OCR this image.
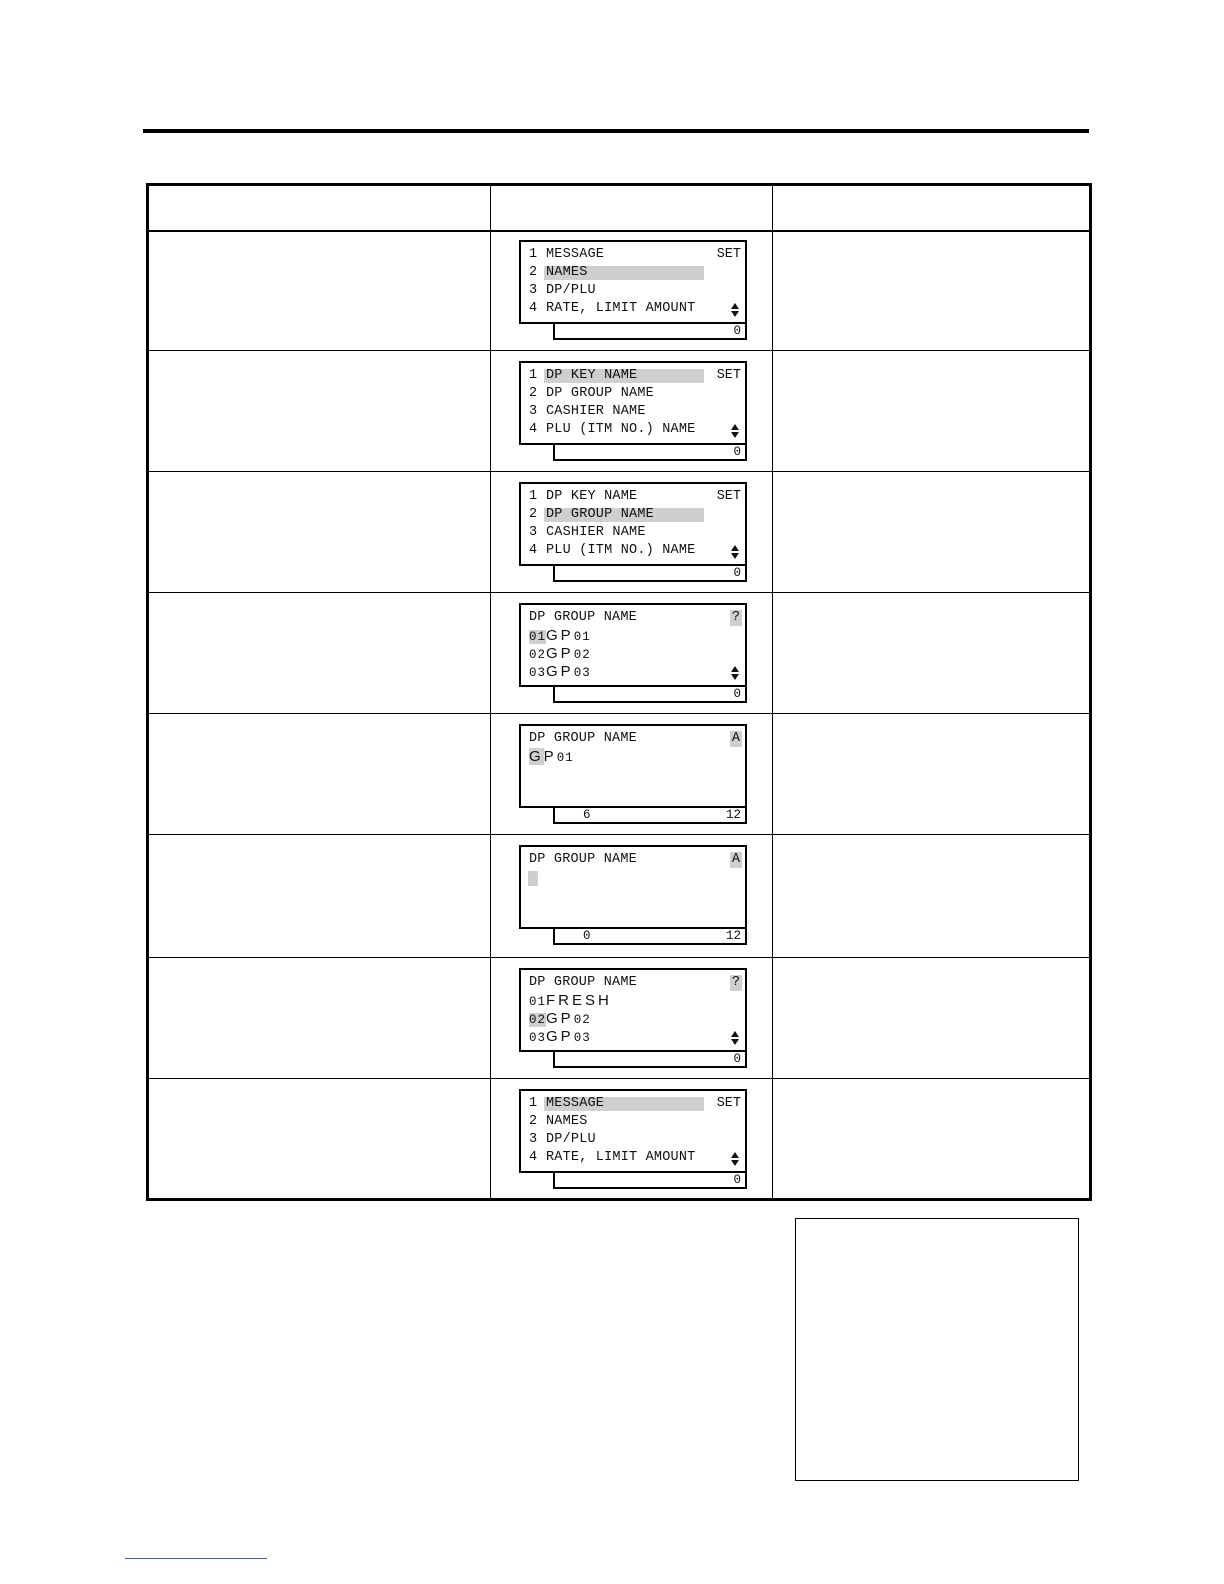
SET
1 MESSAGE
2 NAMES
3 DP/PLU
4 RATE, LIMIT AMOUNT
0
SET
1 DP KEY NAME
2 DP GROUP NAME
3 CASHIER NAME
4 PLU (ITM NO.) NAME
0
SET
1 DP KEY NAME
2 DP GROUP NAME
3 CASHIER NAME
4 PLU (ITM NO.) NAME
0
?
DP GROUP NAME
01GP01
02GP02
03GP03
0
A
DP GROUP NAME
GP01
6	12
A
DP GROUP NAME
0	12
?
DP GROUP NAME
01FRESH
02GP02
03GP03
0
SET
1 MESSAGE
2 NAMES
3 DP/PLU
4 RATE, LIMIT AMOUNT
0
